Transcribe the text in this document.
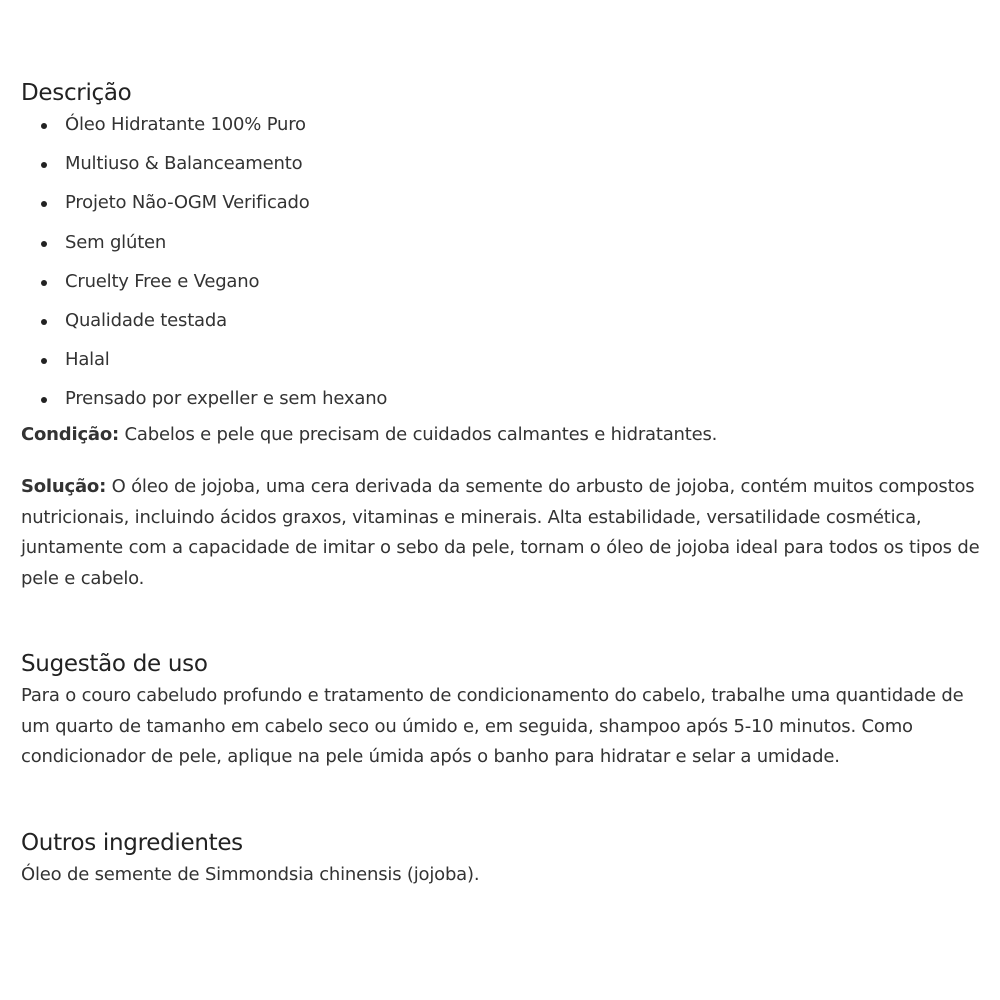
Descrição
Óleo Hidratante 100% Puro
Multiuso & Balanceamento
Projeto Não-OGM Verificado
Sem glúten
Cruelty Free e Vegano
Qualidade testada
Halal
Prensado por expeller e sem hexano

Condição: Cabelos e pele que precisam de cuidados calmantes e hidratantes.

Solução: O óleo de jojoba, uma cera derivada da semente do arbusto de jojoba, contém muitos compostos nutricionais, incluindo ácidos graxos, vitaminas e minerais. Alta estabilidade, versatilidade cosmética, juntamente com a capacidade de imitar o sebo da pele, tornam o óleo de jojoba ideal para todos os tipos de pele e cabelo.

Sugestão de uso

Para o couro cabeludo profundo e tratamento de condicionamento do cabelo, trabalhe uma quantidade de um quarto de tamanho em cabelo seco ou úmido e, em seguida, shampoo após 5-10 minutos. Como condicionador de pele, aplique na pele úmida após o banho para hidratar e selar a umidade.

Outros ingredientes

Óleo de semente de Simmondsia chinensis (jojoba).
